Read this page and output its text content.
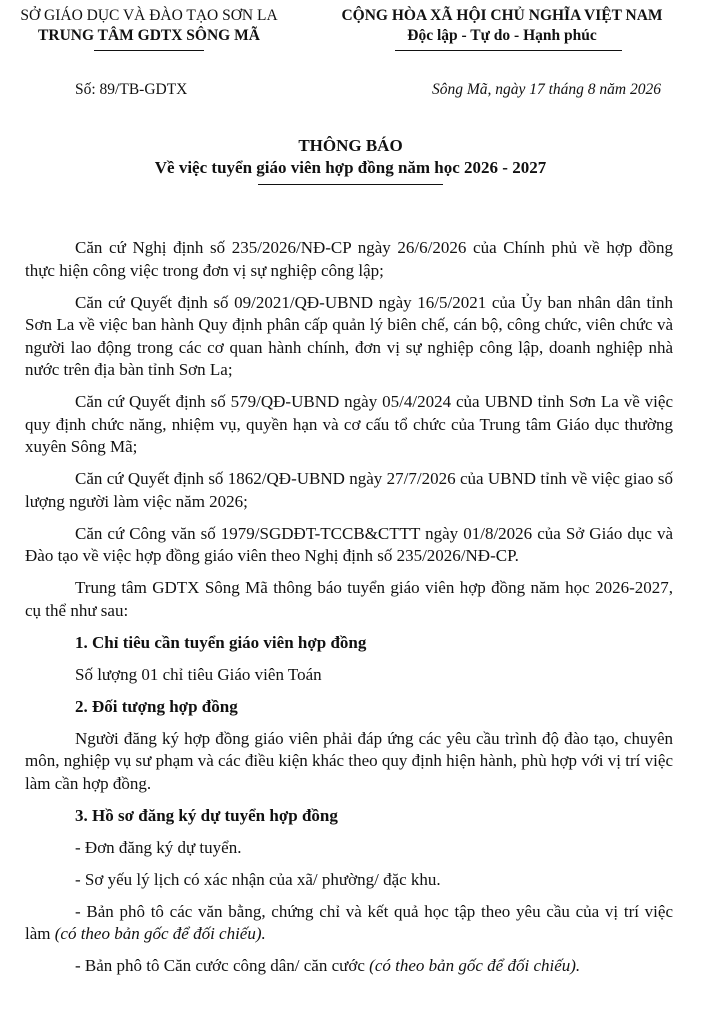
SỞ GIÁO DỤC VÀ ĐÀO TẠO SƠN LA
TRUNG TÂM GDTX SÔNG MÃ
CỘNG HÒA XÃ HỘI CHỦ NGHĨA VIỆT NAM
Độc lập - Tự do - Hạnh phúc
Số: 89/TB-GDTX	Sông Mã, ngày 17 tháng 8 năm 2026
THÔNG BÁO
Về việc tuyển giáo viên hợp đồng năm học 2026 - 2027

Căn cứ Nghị định số 235/2026/NĐ-CP ngày 26/6/2026 của Chính phủ về hợp đồng thực hiện công việc trong đơn vị sự nghiệp công lập;

Căn cứ Quyết định số 09/2021/QĐ-UBND ngày 16/5/2021 của Ủy ban nhân dân tỉnh Sơn La về việc ban hành Quy định phân cấp quản lý biên chế, cán bộ, công chức, viên chức và người lao động trong các cơ quan hành chính, đơn vị sự nghiệp công lập, doanh nghiệp nhà nước trên địa bàn tỉnh Sơn La;

Căn cứ Quyết định số 579/QĐ-UBND ngày 05/4/2024 của UBND tỉnh Sơn La về việc quy định chức năng, nhiệm vụ, quyền hạn và cơ cấu tổ chức của Trung tâm Giáo dục thường xuyên Sông Mã;

Căn cứ Quyết định số 1862/QĐ-UBND ngày 27/7/2026 của UBND tỉnh về việc giao số lượng người làm việc năm 2026;

Căn cứ Công văn số 1979/SGDĐT-TCCB&CTTT ngày 01/8/2026 của Sở Giáo dục và Đào tạo về việc hợp đồng giáo viên theo Nghị định số 235/2026/NĐ-CP.

Trung tâm GDTX Sông Mã thông báo tuyển giáo viên hợp đồng năm học 2026-2027, cụ thể như sau:

1. Chỉ tiêu cần tuyển giáo viên hợp đồng

Số lượng 01 chỉ tiêu Giáo viên Toán

2. Đối tượng hợp đồng

Người đăng ký hợp đồng giáo viên phải đáp ứng các yêu cầu trình độ đào tạo, chuyên môn, nghiệp vụ sư phạm và các điều kiện khác theo quy định hiện hành, phù hợp với vị trí việc làm cần hợp đồng.

3. Hồ sơ đăng ký dự tuyển hợp đồng

- Đơn đăng ký dự tuyển.

- Sơ yếu lý lịch có xác nhận của xã/ phường/ đặc khu.

- Bản phô tô các văn bằng, chứng chỉ và kết quả học tập theo yêu cầu của vị trí việc làm (có theo bản gốc để đối chiếu).

- Bản phô tô Căn cước công dân/ căn cước (có theo bản gốc để đối chiếu).
